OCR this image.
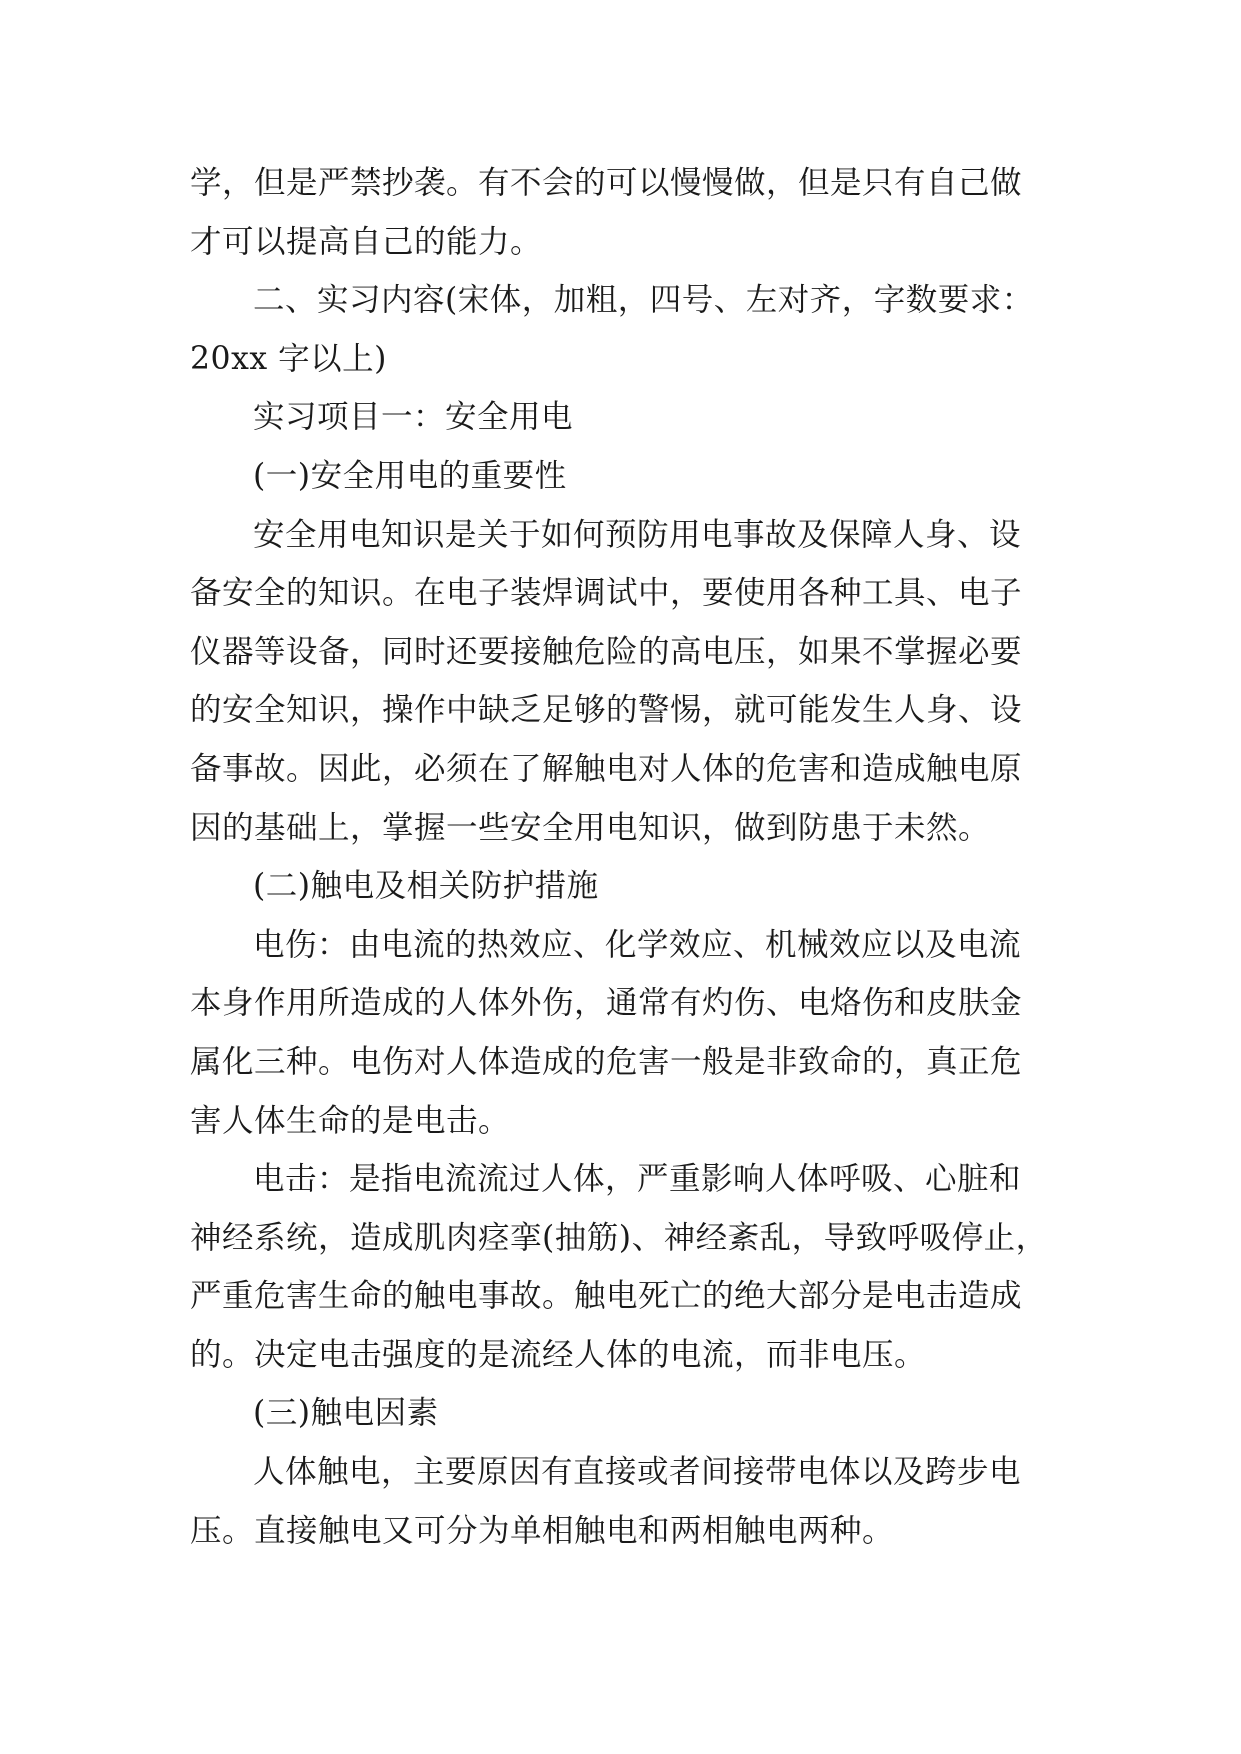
学，但是严禁抄袭。有不会的可以慢慢做，但是只有自己做
才可以提高自己的能力。
二、实习内容(宋体，加粗，四号、左对齐，字数要求：
20xx 字以上)
实习项目一：安全用电
(一)安全用电的重要性
安全用电知识是关于如何预防用电事故及保障人身、设
备安全的知识。在电子装焊调试中，要使用各种工具、电子
仪器等设备，同时还要接触危险的高电压，如果不掌握必要
的安全知识，操作中缺乏足够的警惕，就可能发生人身、设
备事故。因此，必须在了解触电对人体的危害和造成触电原
因的基础上，掌握一些安全用电知识，做到防患于未然。
(二)触电及相关防护措施
电伤：由电流的热效应、化学效应、机械效应以及电流
本身作用所造成的人体外伤，通常有灼伤、电烙伤和皮肤金
属化三种。电伤对人体造成的危害一般是非致命的，真正危
害人体生命的是电击。
电击：是指电流流过人体，严重影响人体呼吸、心脏和
神经系统，造成肌肉痉挛(抽筋)、神经紊乱，导致呼吸停止，
严重危害生命的触电事故。触电死亡的绝大部分是电击造成
的。决定电击强度的是流经人体的电流，而非电压。
(三)触电因素
人体触电，主要原因有直接或者间接带电体以及跨步电
压。直接触电又可分为单相触电和两相触电两种。
